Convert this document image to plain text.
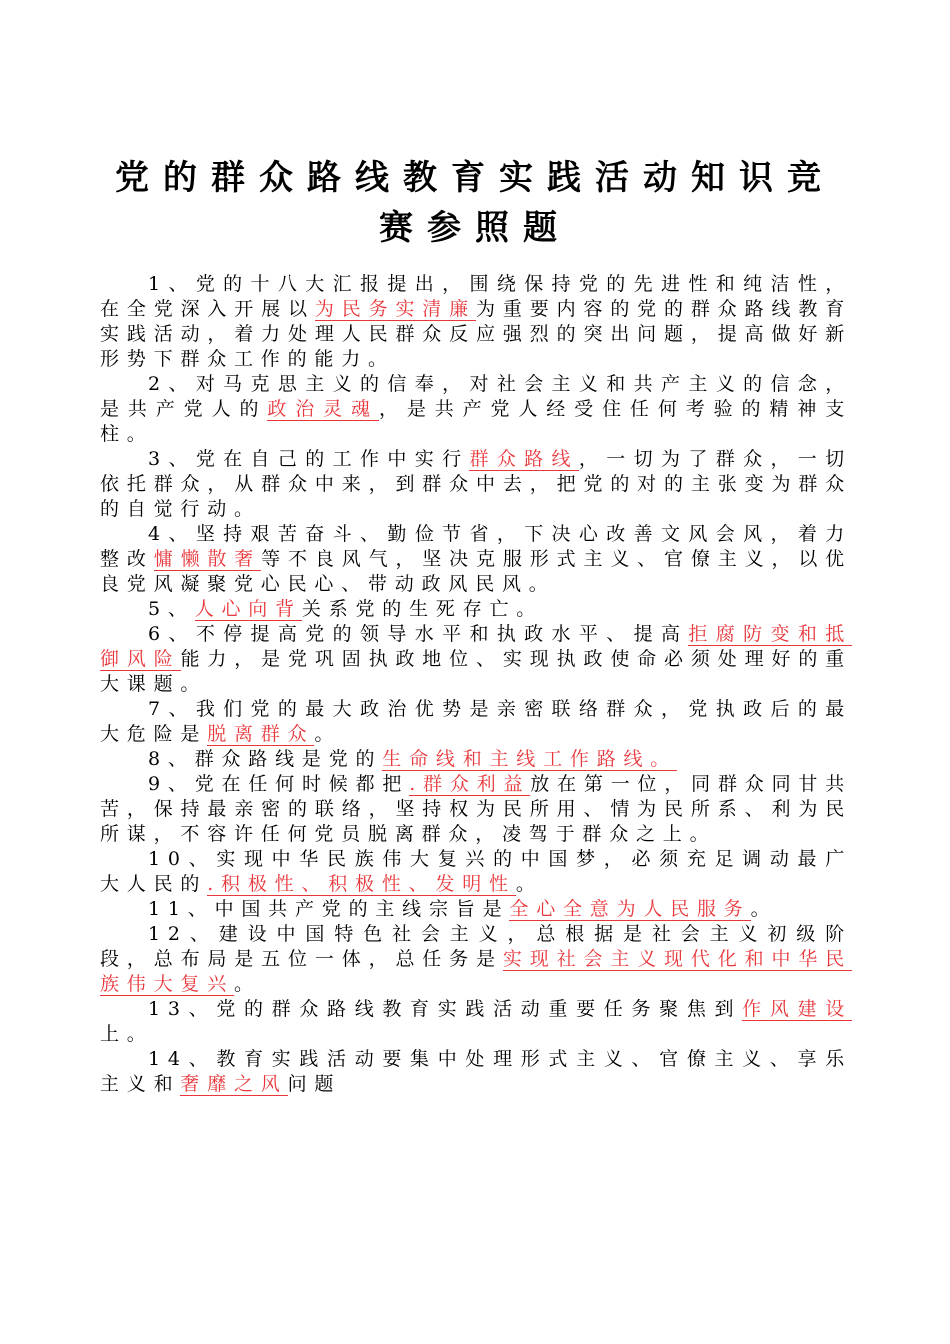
党的群众路线教育实践活动知识竞
赛参照题

1、党的十八大汇报提出，围绕保持党的先进性和纯洁性，在全党深入开展以为民务实清廉为重要内容的党的群众路线教育实践活动，着力处理人民群众反应强烈的突出问题，提高做好新形势下群众工作的能力。

2、对马克思主义的信奉，对社会主义和共产主义的信念，是共产党人的政治灵魂，是共产党人经受住任何考验的精神支柱。

3、党在自己的工作中实行群众路线，一切为了群众，一切依托群众，从群众中来，到群众中去，把党的对的主张变为群众的自觉行动。

4、坚持艰苦奋斗、勤俭节省，下决心改善文风会风，着力整改慵懒散奢等不良风气，坚决克服形式主义、官僚主义，以优良党风凝聚党心民心、带动政风民风。

5、人心向背关系党的生死存亡。

6、不停提高党的领导水平和执政水平、提高拒腐防变和抵御风险能力，是党巩固执政地位、实现执政使命必须处理好的重大课题。

7、我们党的最大政治优势是亲密联络群众，党执政后的最大危险是脱离群众。

8、群众路线是党的生命线和主线工作路线。

9、党在任何时候都把.群众利益放在第一位，同群众同甘共苦，保持最亲密的联络，坚持权为民所用、情为民所系、利为民所谋，不容许任何党员脱离群众，凌驾于群众之上。

10、实现中华民族伟大复兴的中国梦，必须充足调动最广大人民的.积极性、积极性、发明性。

11、中国共产党的主线宗旨是全心全意为人民服务。

12、建设中国特色社会主义，总根据是社会主义初级阶段，总布局是五位一体，总任务是实现社会主义现代化和中华民族伟大复兴。

13、党的群众路线教育实践活动重要任务聚焦到作风建设上。

14、教育实践活动要集中处理形式主义、官僚主义、享乐主义和奢靡之风问题
